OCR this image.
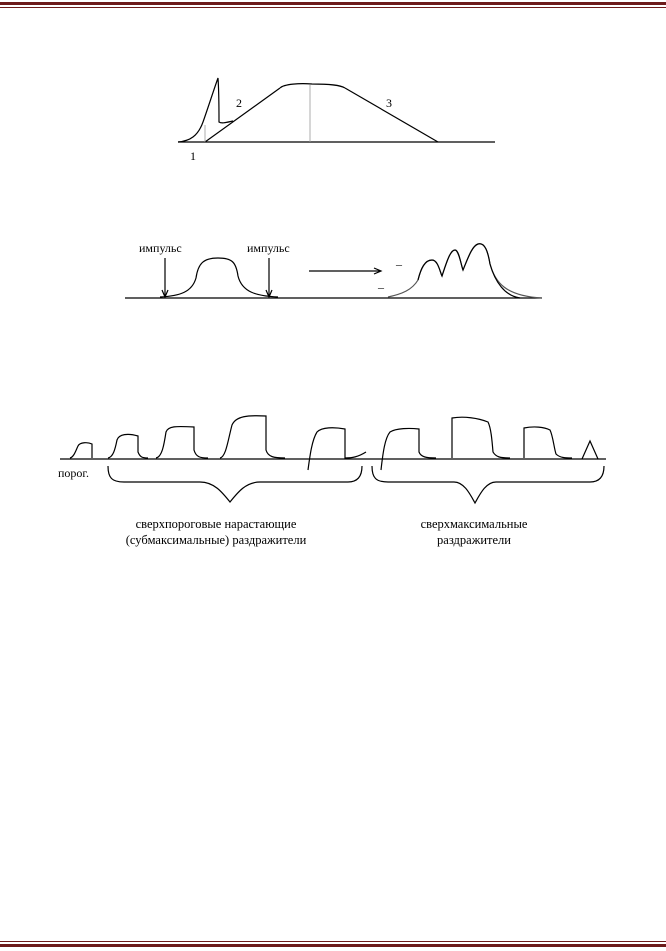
1
2	3
импульс	импульс
–
–
порог.
сверхпороговые нарастающие
(субмаксимальные) раздражители
сверхмаксимальные
раздражители
